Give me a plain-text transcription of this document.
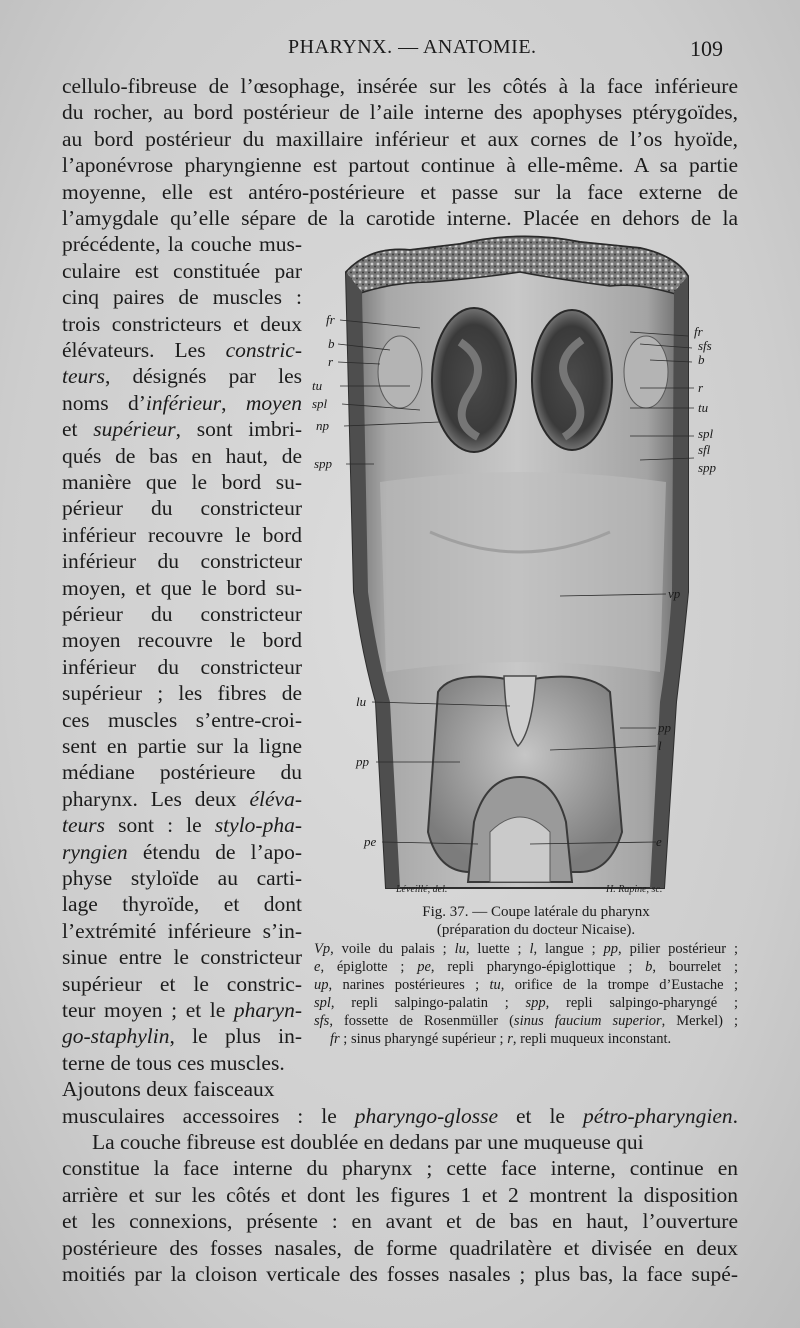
PHARYNX. — ANATOMIE.	109
cellulo-fibreuse de l’œsophage, insérée sur les côtés à la face inférieure
du rocher, au bord postérieur de l’aile interne des apophyses ptérygoïdes,
au bord postérieur du maxillaire inférieur et aux cornes de l’os hyoïde,
l’aponévrose pharyngienne est partout continue à elle-même. A sa partie
moyenne, elle est antéro-postérieure et passe sur la face externe de
l’amygdale qu’elle sépare de la carotide interne. Placée en dehors de la
précédente, la couche mus-
culaire est constituée par
cinq paires de muscles :
trois constricteurs et deux
élévateurs. Les constric-
teurs, désignés par les
noms d’inférieur, moyen
et supérieur, sont imbri-
qués de bas en haut, de
manière que le bord su-
périeur du constricteur
inférieur recouvre le bord
inférieur du constricteur
moyen, et que le bord su-
périeur du constricteur
moyen recouvre le bord
inférieur du constricteur
supérieur ; les fibres de
ces muscles s’entre-croi-
sent en partie sur la ligne
médiane postérieure du
pharynx. Les deux éléva-
teurs sont : le stylo-pha-
ryngien étendu de l’apo-
physe styloïde au carti-
lage thyroïde, et dont
l’extrémité inférieure s’in-
sinue entre le constricteur
supérieur et le constric-
teur moyen ; et le pharyn-
go-staphylin, le plus in-
terne de tous ces muscles.
Ajoutons deux faisceaux
musculaires accessoires : le pharyngo-glosse et le pétro-pharyngien.
La couche fibreuse est doublée en dedans par une muqueuse qui
constitue la face interne du pharynx ; cette face interne, continue en
arrière et sur les côtés et dont les figures 1 et 2 montrent la disposition
et les connexions, présente : en avant et de bas en haut, l’ouverture
postérieure des fosses nasales, de forme quadrilatère et divisée en deux
moitiés par la cloison verticale des fosses nasales ; plus bas, la face supé-
Léveillé, del.	H. Rapine, sc.
fr
b
r
tu
spl
np
spp
lu
pp
pe
fr
sfs
b
r
tu
spl
sfl
spp
vp
pp
l
e
Fig. 37. — Coupe latérale du pharynx
(préparation du docteur Nicaise).
Vp, voile du palais ; lu, luette ; l, langue ; pp, pilier postérieur ;
e, épiglotte ; pe, repli pharyngo-épiglottique ; b, bourrelet ;
up, narines postérieures ; tu, orifice de la trompe d’Eustache ;
spl, repli salpingo-palatin ; spp, repli salpingo-pharyngé ;
sfs, fossette de Rosenmüller (sinus faucium superior, Merkel) ;
fr ; sinus pharyngé supérieur ; r, repli muqueux inconstant.
